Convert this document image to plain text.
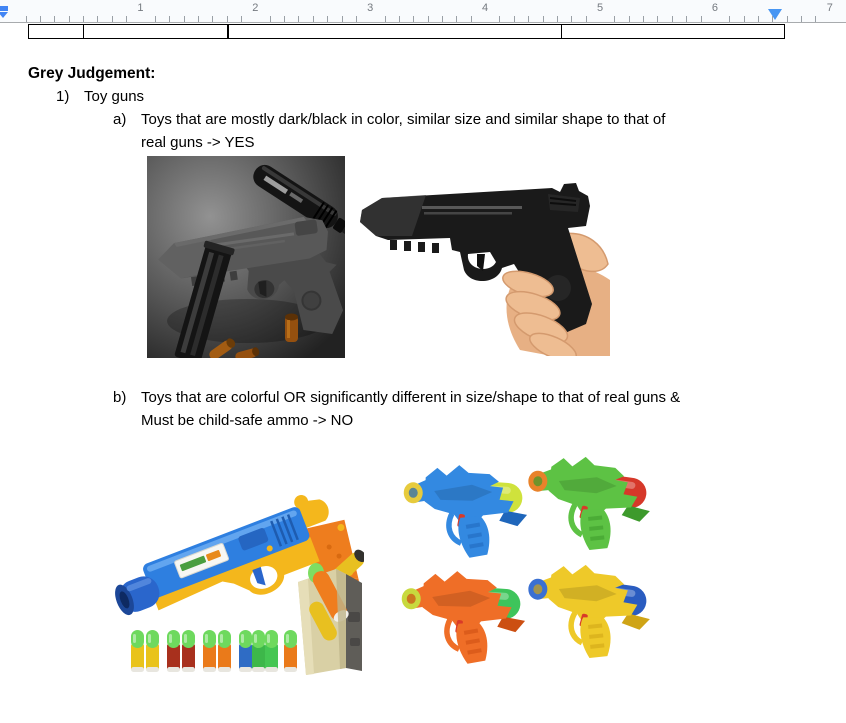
1	2	3	4	5	6	7
Grey Judgement:
1) Toy guns
a) Toys that are mostly dark/black in color, similar size and similar shape to that of
real guns -> YES
b) Toys that are colorful OR significantly different in size/shape to that of real guns &
Must be child-safe ammo -> NO
